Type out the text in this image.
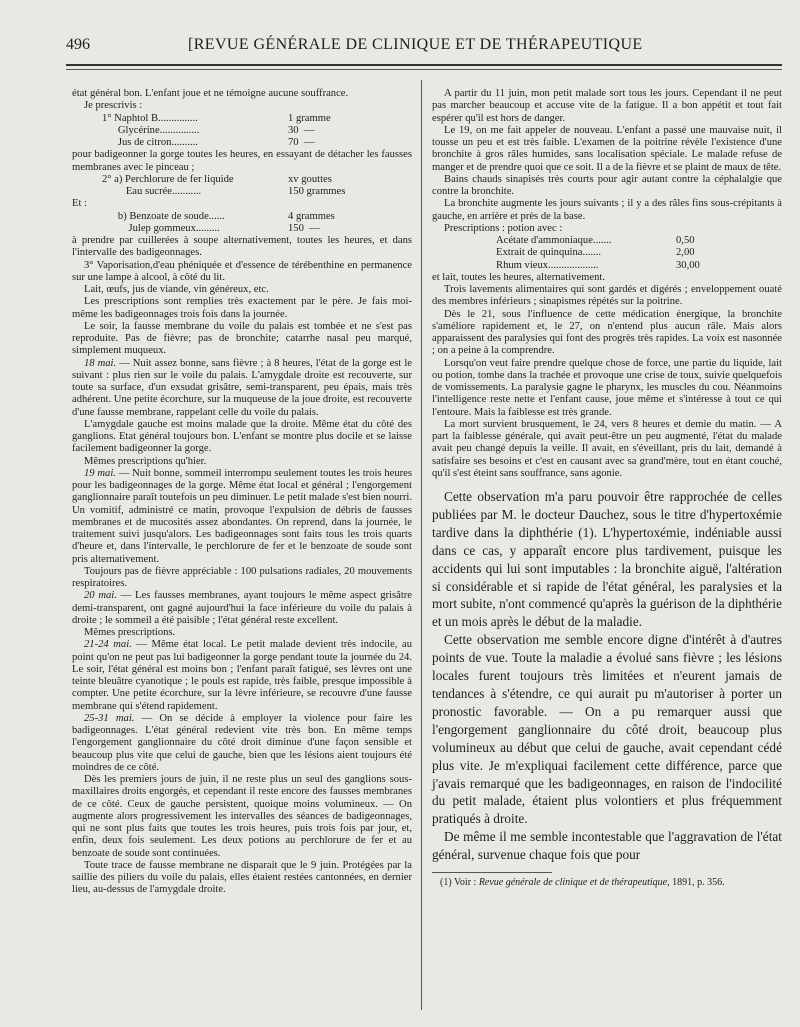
496	[REVUE GÉNÉRALE DE CLINIQUE ET DE THÉRAPEUTIQUE

état général bon. L'enfant joue et ne témoigne aucune souffrance.

Je prescrivis :

1° Naphtol B...............	1 gramme
Glycérine...............	30  —
Jus de citron..........	70  —

pour badigeonner la gorge toutes les heures, en essayant de détacher les fausses membranes avec le pinceau ;

2° a) Perchlorure de fer liquide	xv gouttes
Eau sucrée...........	150 grammes

Et :

b) Benzoate de soude......	4 grammes
Julep gommeux.........	150  —

à prendre par cuillerées à soupe alternativement, toutes les heures, et dans l'intervalle des badigeonnages.

3° Vaporisation,d'eau phéniquée et d'essence de térébenthine en permanence sur une lampe à alcool, à côté du lit.

Lait, œufs, jus de viande, vin généreux, etc.

Les prescriptions sont remplies très exactement par le père. Je fais moi-même les badigeonnages trois fois dans la journée.

Le soir, la fausse membrane du voile du palais est tombée et ne s'est pas reproduite. Pas de fièvre; pas de bronchite; catarrhe nasal peu marqué, simplement muqueux.

18 mai. — Nuit assez bonne, sans fièvre ; à 8 heures, l'état de la gorge est le suivant : plus rien sur le voile du palais. L'amygdale droite est recouverte, sur toute sa surface, d'un exsudat grisâtre, semi-transparent, peu épais, mais très adhérent. Une petite écorchure, sur la muqueuse de la joue droite, est recouverte d'une fausse membrane, rappelant celle du voile du palais.

L'amygdale gauche est moins malade que la droite. Même état du côté des ganglions. Etat général toujours bon. L'enfant se montre plus docile et se laisse facilement badigeonner la gorge.

Mêmes prescriptions qu'hier.

19 mai. — Nuit bonne, sommeil interrompu seulement toutes les trois heures pour les badigeonnages de la gorge. Même état local et général ; l'engorgement ganglionnaire paraît toutefois un peu diminuer. Le petit malade s'est bien nourri. Un vomitif, administré ce matin, provoque l'expulsion de débris de fausses membranes et de mucosités assez abondantes. On reprend, dans la journée, le traitement suivi jusqu'alors. Les badigeonnages sont faits tous les trois quarts d'heure et, dans l'intervalle, le perchlorure de fer et le benzoate de soude sont pris alternativement.

Toujours pas de fièvre appréciable : 100 pulsations radiales, 20 mouvements respiratoires.

20 mai. — Les fausses membranes, ayant toujours le même aspect grisâtre demi-transparent, ont gagné aujourd'hui la face inférieure du voile du palais à droite ; le sommeil a été paisible ; l'état général reste excellent.

Mêmes prescriptions.

21-24 mai. — Même état local. Le petit malade devient très indocile, au point qu'on ne peut pas lui badigeonner la gorge pendant toute la journée du 24. Le soir, l'état général est moins bon ; l'enfant paraît fatigué, ses lèvres ont une teinte bleuâtre cyanotique ; le pouls est rapide, très faible, presque impossible à compter. Une petite écorchure, sur la lèvre inférieure, se recouvre d'une fausse membrane qui s'étend rapidement.

25-31 mai. — On se décide à employer la violence pour faire les badigeonnages. L'état général redevient vite très bon. En même temps l'engorgement ganglionnaire du côté droit diminue d'une façon sensible et beaucoup plus vite que celui de gauche, bien que les lésions aient toujours été moindres de ce côté.

Dès les premiers jours de juin, il ne reste plus un seul des ganglions sous-maxillaires droits engorgés, et cependant il reste encore des fausses membranes de ce côté. Ceux de gauche persistent, quoique moins volumineux. — On augmente alors progressivement les intervalles des séances de badigeonnages, qui ne sont plus faits que toutes les trois heures, puis trois fois par jour, et, enfin, deux fois seulement. Les deux potions au perchlorure de fer et au benzoate de soude sont continuées.

Toute trace de fausse membrane ne disparait que le 9 juin. Protégées par la saillie des piliers du voile du palais, elles étaient restées cantonnées, en dernier lieu, au-dessus de l'amygdale droite.

A partir du 11 juin, mon petit malade sort tous les jours. Cependant il ne peut pas marcher beaucoup et accuse vite de la fatigue. Il a bon appétit et tout fait espérer qu'il est hors de danger.

Le 19, on me fait appeler de nouveau. L'enfant a passé une mauvaise nuit, il tousse un peu et est très faible. L'examen de la poitrine révèle l'existence d'une bronchite à gros râles humides, sans localisation spéciale. Le malade refuse de manger et de prendre quoi que ce soit. Il a de la fièvre et se plaint de maux de tête.

Bains chauds sinapisés très courts pour agir autant contre la céphalalgie que contre la bronchite.

La bronchite augmente les jours suivants ; il y a des râles fins sous-crépitants à gauche, en arrière et près de la base.

Prescriptions : potion avec :

Acétate d'ammoniaque.......	0,50
Extrait de quinquina.......	2,00
Rhum vieux...................	30,00

et lait, toutes les heures, alternativement.

Trois lavements alimentaires qui sont gardés et digérés ; enveloppement ouaté des membres inférieurs ; sinapismes répétés sur la poitrine.

Dès le 21, sous l'influence de cette médication énergique, la bronchite s'améliore rapidement et, le 27, on n'entend plus aucun râle. Mais alors apparaissent des paralysies qui font des progrès très rapides. La voix est nasonnée ; on a peine à la comprendre.

Lorsqu'on veut faire prendre quelque chose de force, une partie du liquide, lait ou potion, tombe dans la trachée et provoque une crise de toux, suivie quelquefois de vomissements. La paralysie gagne le pharynx, les muscles du cou. Néanmoins l'intelligence reste nette et l'enfant cause, joue même et s'intéresse à tout ce qui l'entoure. Mais la faiblesse est très grande.

La mort survient brusquement, le 24, vers 8 heures et demie du matin. — A part la faiblesse générale, qui avait peut-être un peu augmenté, l'état du malade avait peu changé depuis la veille. Il avait, en s'éveillant, pris du lait, demandé à satisfaire ses besoins et c'est en causant avec sa grand'mère, tout en étant couché, qu'il s'est éteint sans souffrance, sans agonie.

Cette observation m'a paru pouvoir être rapprochée de celles publiées par M. le docteur Dauchez, sous le titre d'hypertoxémie tardive dans la diphthérie (1). L'hypertoxémie, indéniable aussi dans ce cas, y apparaît encore plus tardivement, puisque les accidents qui lui sont imputables : la bronchite aiguë, l'altération si considérable et si rapide de l'état général, les paralysies et la mort subite, n'ont commencé qu'après la guérison de la diphthérie et un mois après le début de la maladie.

Cette observation me semble encore digne d'intérêt à d'autres points de vue. Toute la maladie a évolué sans fièvre ; les lésions locales furent toujours très limitées et n'eurent jamais de tendances à s'étendre, ce qui aurait pu m'autoriser à porter un pronostic favorable. — On a pu remarquer aussi que l'engorgement ganglionnaire du côté droit, beaucoup plus volumineux au début que celui de gauche, avait cependant cédé plus vite. Je m'expliquai facilement cette différence, parce que j'avais remarqué que les badigeonnages, en raison de l'indocilité du petit malade, étaient plus volontiers et plus fréquemment pratiqués à droite.

De même il me semble incontestable que l'aggravation de l'état général, survenue chaque fois que pour

(1) Voir : Revue générale de clinique et de thérapeutique, 1891, p. 356.
